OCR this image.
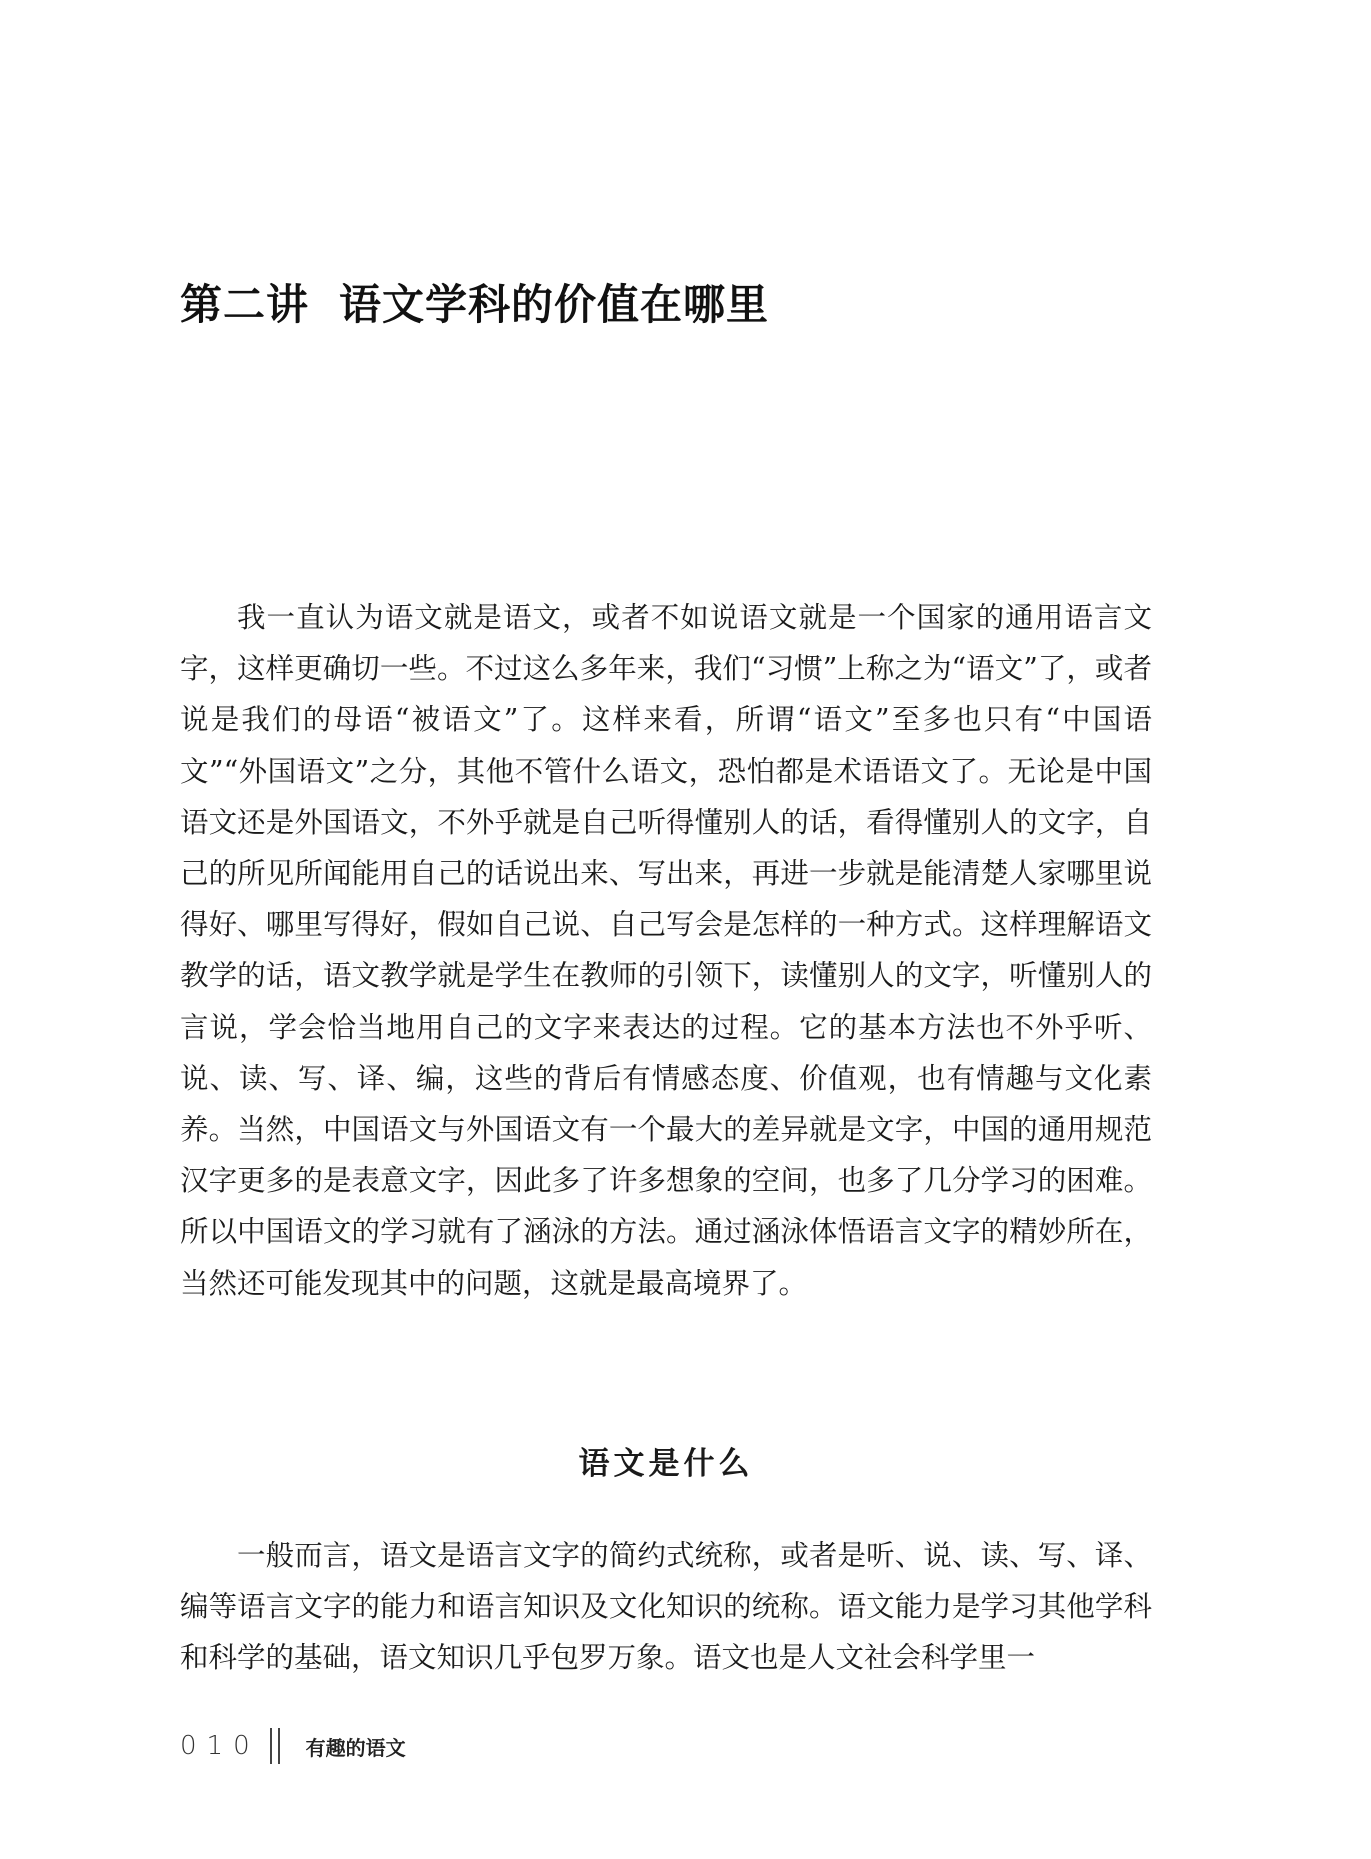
第二讲 语文学科的价值在哪里

我一直认为语文就是语文，或者不如说语文就是一个国家的通用语言文字，这样更确切一些。不过这么多年来，我们“习惯”上称之为“语文”了，或者说是我们的母语“被语文”了。这样来看，所谓“语文”至多也只有“中国语文”“外国语文”之分，其他不管什么语文，恐怕都是术语语文了。无论是中国语文还是外国语文，不外乎就是自己听得懂别人的话，看得懂别人的文字，自己的所见所闻能用自己的话说出来、写出来，再进一步就是能清楚人家哪里说得好、哪里写得好，假如自己说、自己写会是怎样的一种方式。这样理解语文教学的话，语文教学就是学生在教师的引领下，读懂别人的文字，听懂别人的言说，学会恰当地用自己的文字来表达的过程。它的基本方法也不外乎听、说、读、写、译、编，这些的背后有情感态度、价值观，也有情趣与文化素养。当然，中国语文与外国语文有一个最大的差异就是文字，中国的通用规范汉字更多的是表意文字，因此多了许多想象的空间，也多了几分学习的困难。所以中国语文的学习就有了涵泳的方法。通过涵泳体悟语言文字的精妙所在，当然还可能发现其中的问题，这就是最高境界了。

语文是什么

一般而言，语文是语言文字的简约式统称，或者是听、说、读、写、译、编等语言文字的能力和语言知识及文化知识的统称。语文能力是学习其他学科和科学的基础，语文知识几乎包罗万象。语文也是人文社会科学里一

010 有趣的语文
